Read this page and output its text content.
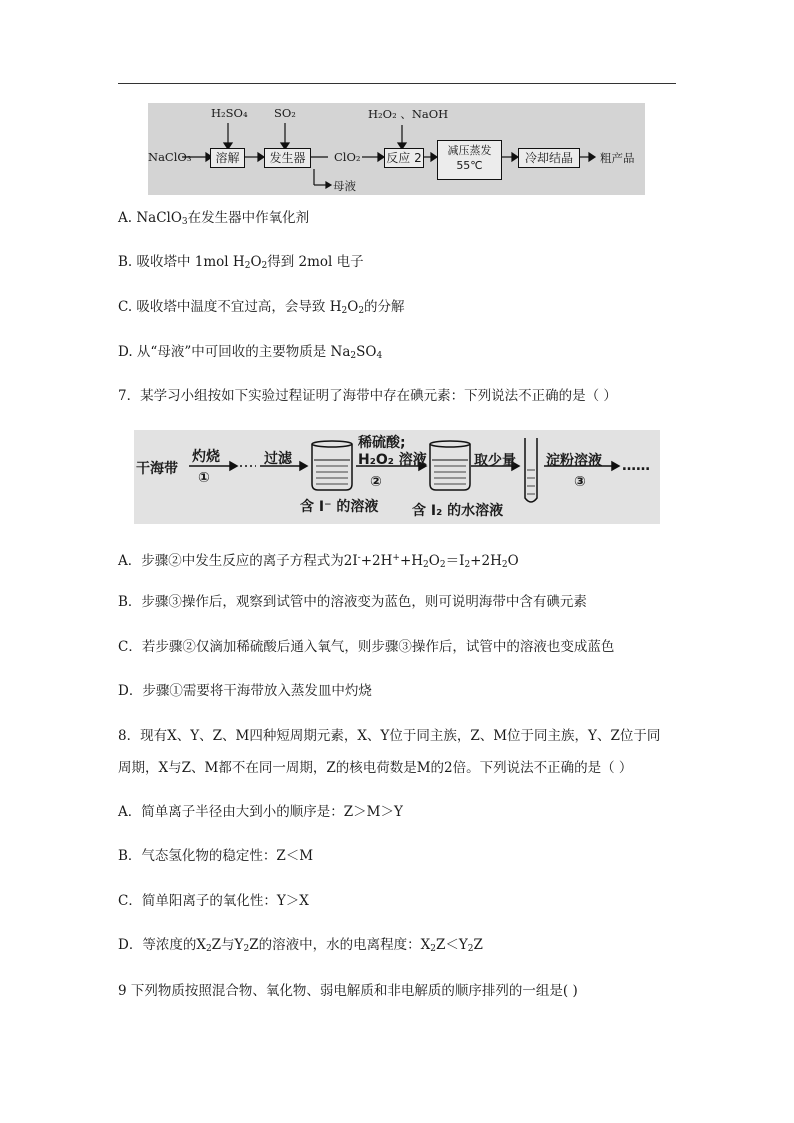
H₂SO₄ SO₂	H₂O₂ 、NaOH
NaClO₃	溶解	发生器	ClO₂ 反应 2
减压蒸发
55℃
冷却结晶	粗产品
母液
A. NaClO$_3$在发生器中作氧化剂
B. 吸收塔中 1mol $H_2O_2$得到 2mol 电子
C. 吸收塔中温度不宜过高，会导致 $H_2O_2$的分解
D. 从“母液”中可回收的主要物质是 $Na_2SO_4$
7．某学习小组按如下实验过程证明了海带中存在碘元素：下列说法不正确的是（ ）
干海带
灼烧
①
过滤
稀硫酸;
H₂O₂ 溶液
②
含 I⁻ 的溶液
取少量
含 I₂ 的水溶液
淀粉溶液
③
……
A．步骤②中发生反应的离子方程式为$2I^-+2H^++H_2O_2=I_2+2H_2O$
B．步骤③操作后，观察到试管中的溶液变为蓝色，则可说明海带中含有碘元素
C．若步骤②仅滴加稀硫酸后通入氧气，则步骤③操作后，试管中的溶液也变成蓝色
D．步骤①需要将干海带放入蒸发皿中灼烧
8．现有X、Y、Z、M四种短周期元素，X、Y位于同主族，Z、M位于同主族，Y、Z位于同
周期，X与Z、M都不在同一周期，Z的核电荷数是M的2倍。下列说法不正确的是（ ）
A．简单离子半径由大到小的顺序是：Z＞M＞Y
B．气态氢化物的稳定性：Z＜M
C．简单阳离子的氧化性：Y＞X
D．等浓度的$X_2Z$与$Y_2Z$的溶液中，水的电离程度：$X_2Z<Y_2Z$
9 下列物质按照混合物、氧化物、弱电解质和非电解质的顺序排列的一组是( )
